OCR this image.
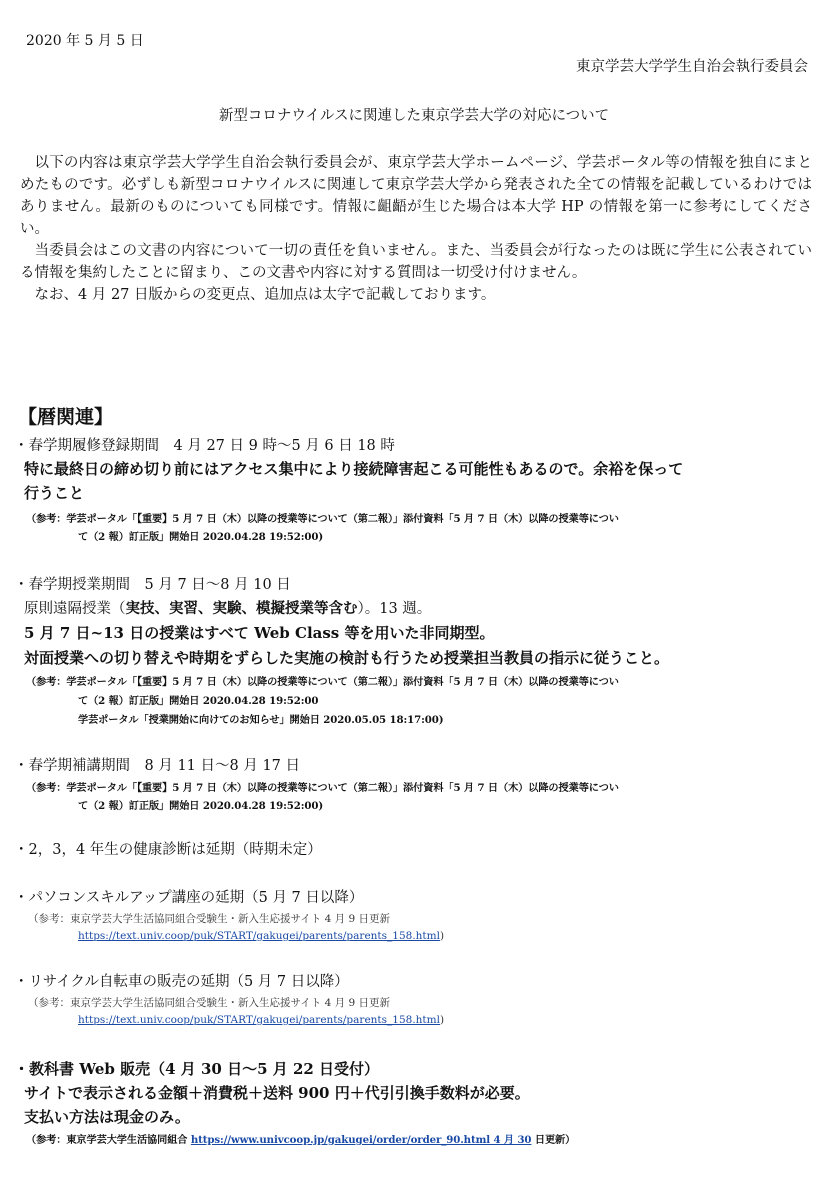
2020 年 5 月 5 日
東京学芸大学学生自治会執行委員会
新型コロナウイルスに関連した東京学芸大学の対応について

以下の内容は東京学芸大学学生自治会執行委員会が、東京学芸大学ホームページ、学芸ポータル等の情報を独自にまとめたものです。必ずしも新型コロナウイルスに関連して東京学芸大学から発表された全ての情報を記載しているわけではありません。最新のものについても同様です。情報に齟齬が生じた場合は本大学 HP の情報を第一に参考にしてください。

当委員会はこの文書の内容について一切の責任を負いません。また、当委員会が行なったのは既に学生に公表されている情報を集約したことに留まり、この文書や内容に対する質問は一切受け付けません。

なお、4 月 27 日版からの変更点、追加点は太字で記載しております。

【暦関連】
・春学期履修登録期間　4 月 27 日 9 時〜5 月 6 日 18 時
特に最終日の締め切り前にはアクセス集中により接続障害起こる可能性もあるので。余裕を保って
行うこと
（参考：学芸ポータル「【重要】5 月 7 日（木）以降の授業等について（第二報）」添付資料「5 月 7 日（木）以降の授業等につい
て（2 報）訂正版」開始日 2020.04.28 19:52:00)
・春学期授業期間　5 月 7 日〜8 月 10 日
原則遠隔授業（実技、実習、実験、模擬授業等含む）。13 週。
5 月 7 日~13 日の授業はすべて Web Class 等を用いた非同期型。
対面授業への切り替えや時期をずらした実施の検討も行うため授業担当教員の指示に従うこと。
（参考：学芸ポータル「【重要】5 月 7 日（木）以降の授業等について（第二報）」添付資料「5 月 7 日（木）以降の授業等につい
て（2 報）訂正版」開始日 2020.04.28 19:52:00
学芸ポータル「授業開始に向けてのお知らせ」開始日 2020.05.05 18:17:00)
・春学期補講期間　8 月 11 日〜8 月 17 日
（参考：学芸ポータル「【重要】5 月 7 日（木）以降の授業等について（第二報）」添付資料「5 月 7 日（木）以降の授業等につい
て（2 報）訂正版」開始日 2020.04.28 19:52:00)
・2，3，4 年生の健康診断は延期（時期未定）
・パソコンスキルアップ講座の延期（5 月 7 日以降）
（参考：東京学芸大学生活協同組合受験生・新入生応援サイト 4 月 9 日更新
https://text.univ.coop/puk/START/gakugei/parents/parents_158.html)
・リサイクル自転車の販売の延期（5 月 7 日以降）
（参考：東京学芸大学生活協同組合受験生・新入生応援サイト 4 月 9 日更新
https://text.univ.coop/puk/START/gakugei/parents/parents_158.html)
・教科書 Web 販売（4 月 30 日〜5 月 22 日受付）
サイトで表示される金額＋消費税＋送料 900 円＋代引引換手数料が必要。
支払い方法は現金のみ。
（参考：東京学芸大学生活協同組合 https://www.univcoop.jp/gakugei/order/order_90.html 4 月 30 日更新）
